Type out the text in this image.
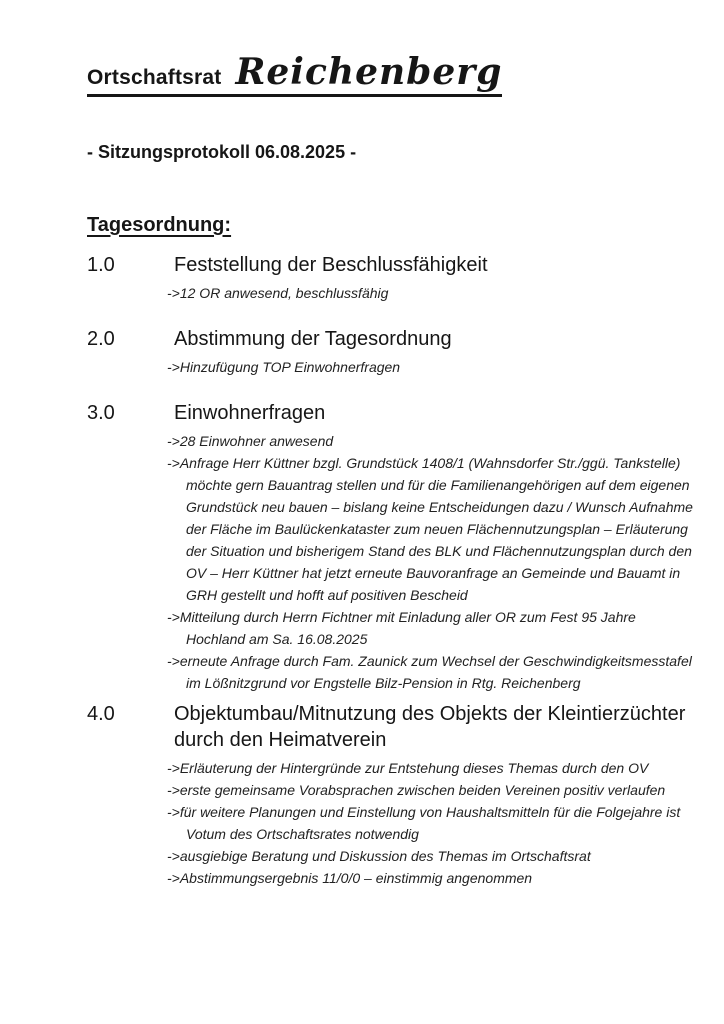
Ortschaftsrat Reichenberg
- Sitzungsprotokoll 06.08.2025 -
Tagesordnung:
1.0	Feststellung der Beschlussfähigkeit
->12 OR anwesend, beschlussfähig
2.0	Abstimmung der Tagesordnung
->Hinzufügung TOP Einwohnerfragen
3.0	Einwohnerfragen
->28 Einwohner anwesend
->Anfrage Herr Küttner bzgl. Grundstück 1408/1 (Wahnsdorfer Str./ggü. Tankstelle)
möchte gern Bauantrag stellen und für die Familienangehörigen auf dem eigenen
Grundstück neu bauen – bislang keine Entscheidungen dazu / Wunsch Aufnahme
der Fläche im Baulückenkataster zum neuen Flächennutzungsplan – Erläuterung
der Situation und bisherigem Stand des BLK und Flächennutzungsplan durch den
OV – Herr Küttner hat jetzt erneute Bauvoranfrage an Gemeinde und Bauamt in
GRH gestellt und hofft auf positiven Bescheid
->Mitteilung durch Herrn Fichtner mit Einladung aller OR zum Fest 95 Jahre
Hochland am Sa. 16.08.2025
->erneute Anfrage durch Fam. Zaunick zum Wechsel der Geschwindigkeitsmesstafel
im Lößnitzgrund vor Engstelle Bilz-Pension in Rtg. Reichenberg
4.0	Objektumbau/Mitnutzung des Objekts der Kleintierzüchter
durch den Heimatverein
->Erläuterung der Hintergründe zur Entstehung dieses Themas durch den OV
->erste gemeinsame Vorabsprachen zwischen beiden Vereinen positiv verlaufen
->für weitere Planungen und Einstellung von Haushaltsmitteln für die Folgejahre ist
Votum des Ortschaftsrates notwendig
->ausgiebige Beratung und Diskussion des Themas im Ortschaftsrat
->Abstimmungsergebnis 11/0/0 – einstimmig angenommen
